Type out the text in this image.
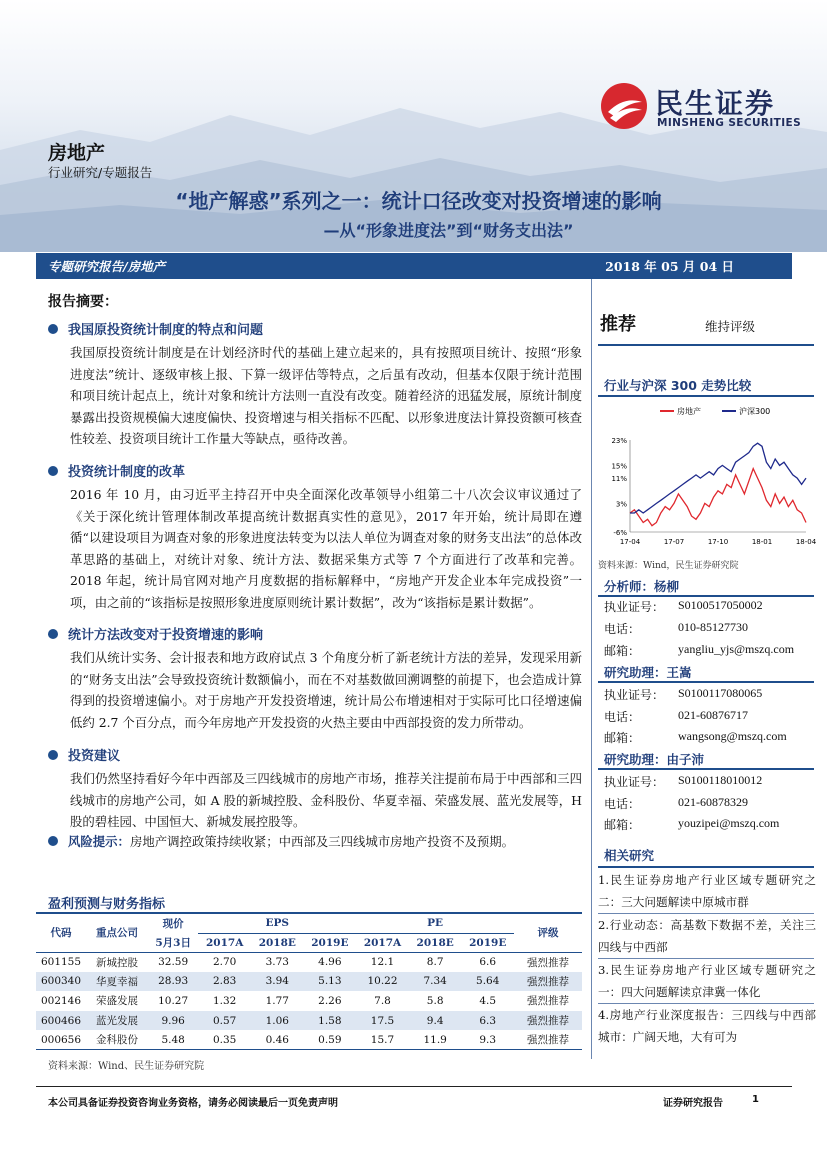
民生证券
MINSHENG SECURITIES
房地产
行业研究/专题报告
“地产解惑”系列之一：统计口径改变对投资增速的影响
—从“形象进度法”到“财务支出法”
专题研究报告/房地产	2018 年 05 月 04 日
报告摘要：
我国原投资统计制度的特点和问题
我国原投资统计制度是在计划经济时代的基础上建立起来的，具有按照项目统计、按照“形象进度法”统计、逐级审核上报、下算一级评估等特点，之后虽有改动，但基本仅限于统计范围和项目统计起点上，统计对象和统计方法则一直没有改变。随着经济的迅猛发展，原统计制度暴露出投资规模偏大速度偏快、投资增速与相关指标不匹配、以形象进度法计算投资额可核查性较差、投资项目统计工作量大等缺点，亟待改善。
投资统计制度的改革
2016 年 10 月，由习近平主持召开中央全面深化改革领导小组第二十八次会议审议通过了《关于深化统计管理体制改革提高统计数据真实性的意见》，2017 年开始，统计局即在遵循“以建设项目为调查对象的形象进度法转变为以法人单位为调查对象的财务支出法”的总体改革思路的基础上，对统计对象、统计方法、数据采集方式等 7 个方面进行了改革和完善。2018 年起，统计局官网对地产月度数据的指标解释中，“房地产开发企业本年完成投资”一项，由之前的“该指标是按照形象进度原则统计累计数据”，改为“该指标是累计数据”。
统计方法改变对于投资增速的影响
我们从统计实务、会计报表和地方政府试点 3 个角度分析了新老统计方法的差异，发现采用新的“财务支出法”会导致投资统计数额偏小，而在不对基数做回溯调整的前提下，也会造成计算得到的投资增速偏小。对于房地产开发投资增速，统计局公布增速相对于实际可比口径增速偏低约 2.7 个百分点，而今年房地产开发投资的火热主要由中西部投资的发力所带动。
投资建议
我们仍然坚持看好今年中西部及三四线城市的房地产市场，推荐关注提前布局于中西部和三四线城市的房地产公司，如 A 股的新城控股、金科股份、华夏幸福、荣盛发展、蓝光发展等，H 股的碧桂园、中国恒大、新城发展控股等。
风险提示：房地产调控政策持续收紧；中西部及三四线城市房地产投资不及预期。
盈利预测与财务指标
代码	重点公司	现价	EPS			PE			评级
		5月3日	2017A	2018E	2019E	2017A	2018E	2019E	
601155	新城控股	32.59	2.70	3.73	4.96	12.1	8.7	6.6	强烈推荐
600340	华夏幸福	28.93	2.83	3.94	5.13	10.22	7.34	5.64	强烈推荐
002146	荣盛发展	10.27	1.32	1.77	2.26	7.8	5.8	4.5	强烈推荐
600466	蓝光发展	9.96	0.57	1.06	1.58	17.5	9.4	6.3	强烈推荐
000656	金科股份	5.48	0.35	0.46	0.59	15.7	11.9	9.3	强烈推荐
资料来源：Wind、民生证券研究院
推荐	维持评级
行业与沪深 300 走势比较
房地产	沪深300
23%
15%
11%
3%
-6%
17-04	17-07	17-10	18-01	18-04
资料来源：Wind，民生证券研究院
分析师：杨柳
执业证号： S0100517050002
电话：	010-85127730
邮箱：	yangliu_yjs@mszq.com
研究助理：王嵩
执业证号： S0100117080065
电话：	021-60876717
邮箱：	wangsong@mszq.com
研究助理：由子沛
执业证号： S0100118010012
电话：	021-60878329
邮箱：	youzipei@mszq.com
相关研究
1.民生证券房地产行业区域专题研究之二：三大问题解读中原城市群
2.行业动态：高基数下数据不差，关注三四线与中西部
3.民生证券房地产行业区域专题研究之一：四大问题解读京津冀一体化
4.房地产行业深度报告：三四线与中西部城市：广阔天地，大有可为
本公司具备证券投资咨询业务资格，请务必阅读最后一页免责声明	证券研究报告	1
